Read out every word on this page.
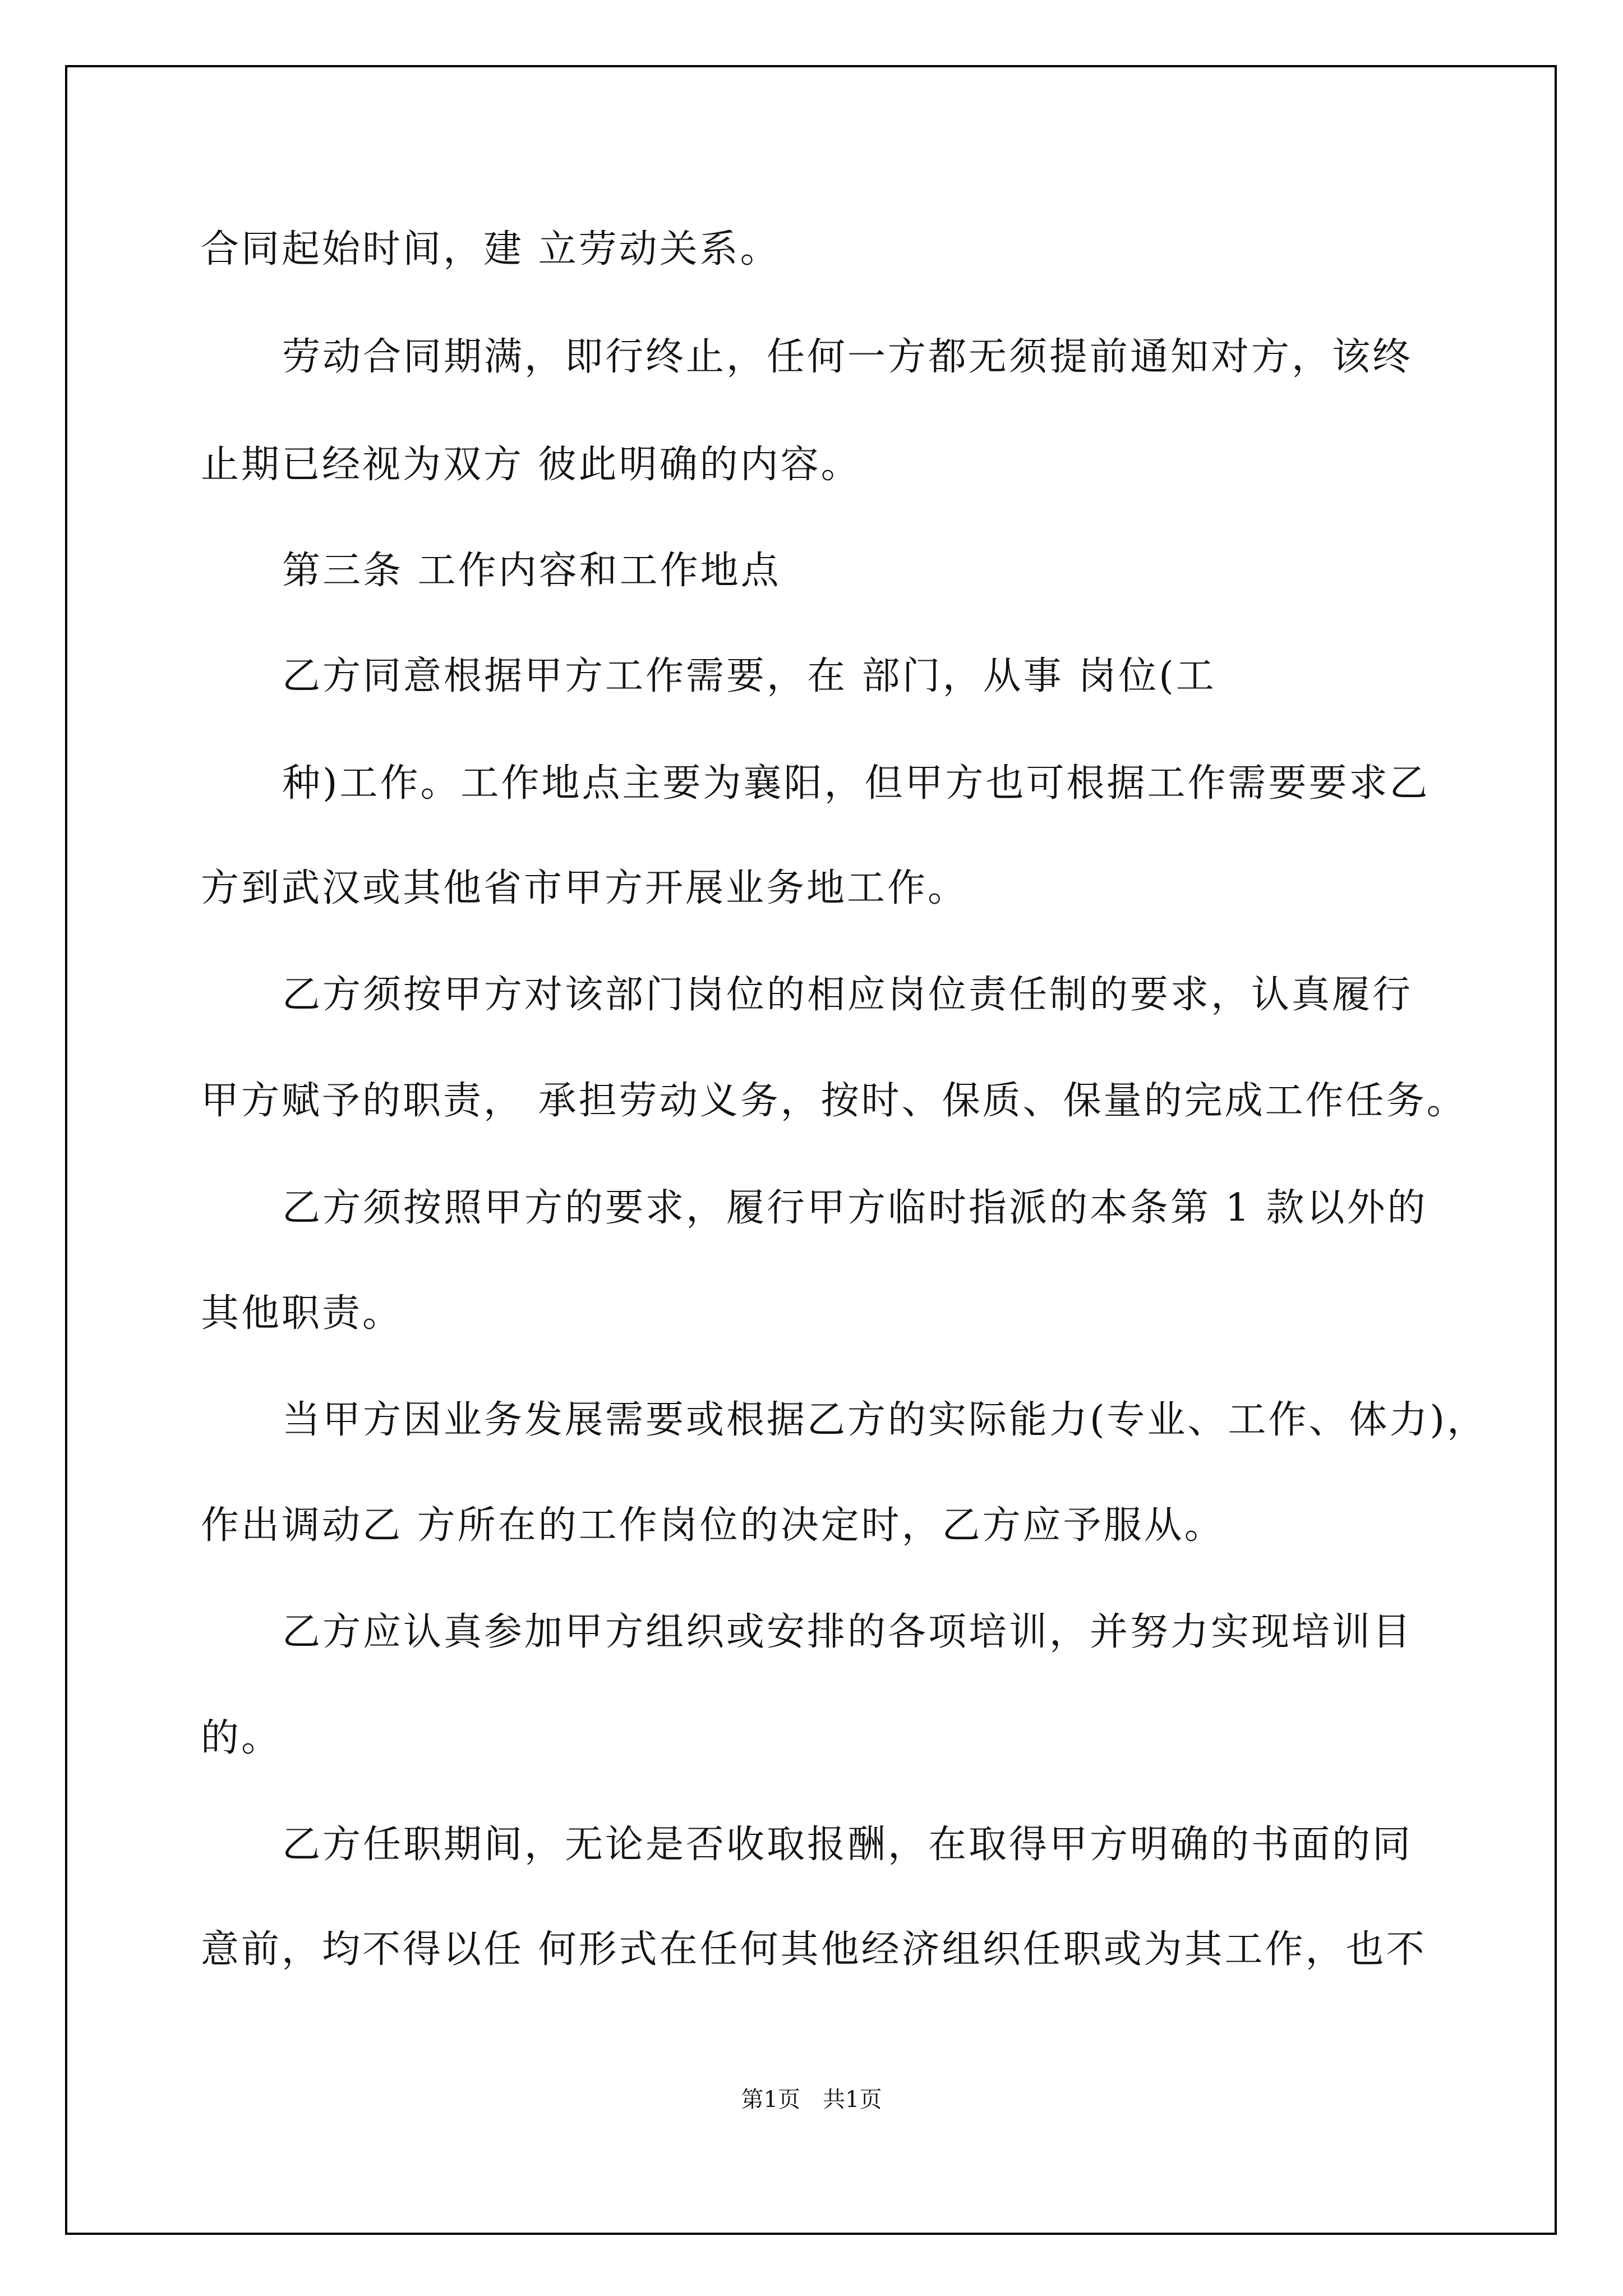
合同起始时间，建 立劳动关系。
劳动合同期满，即行终止，任何一方都无须提前通知对方，该终
止期已经视为双方 彼此明确的内容。
第三条 工作内容和工作地点
乙方同意根据甲方工作需要，在 部门，从事 岗位(工
种)工作。工作地点主要为襄阳，但甲方也可根据工作需要要求乙
方到武汉或其他省市甲方开展业务地工作。
乙方须按甲方对该部门岗位的相应岗位责任制的要求，认真履行
甲方赋予的职责， 承担劳动义务，按时、保质、保量的完成工作任务。
乙方须按照甲方的要求，履行甲方临时指派的本条第 1 款以外的
其他职责。
当甲方因业务发展需要或根据乙方的实际能力(专业、工作、体力)，
作出调动乙 方所在的工作岗位的决定时，乙方应予服从。
乙方应认真参加甲方组织或安排的各项培训，并努力实现培训目
的。
乙方任职期间，无论是否收取报酬，在取得甲方明确的书面的同
意前，均不得以任 何形式在任何其他经济组织任职或为其工作，也不
第1页　共1页
